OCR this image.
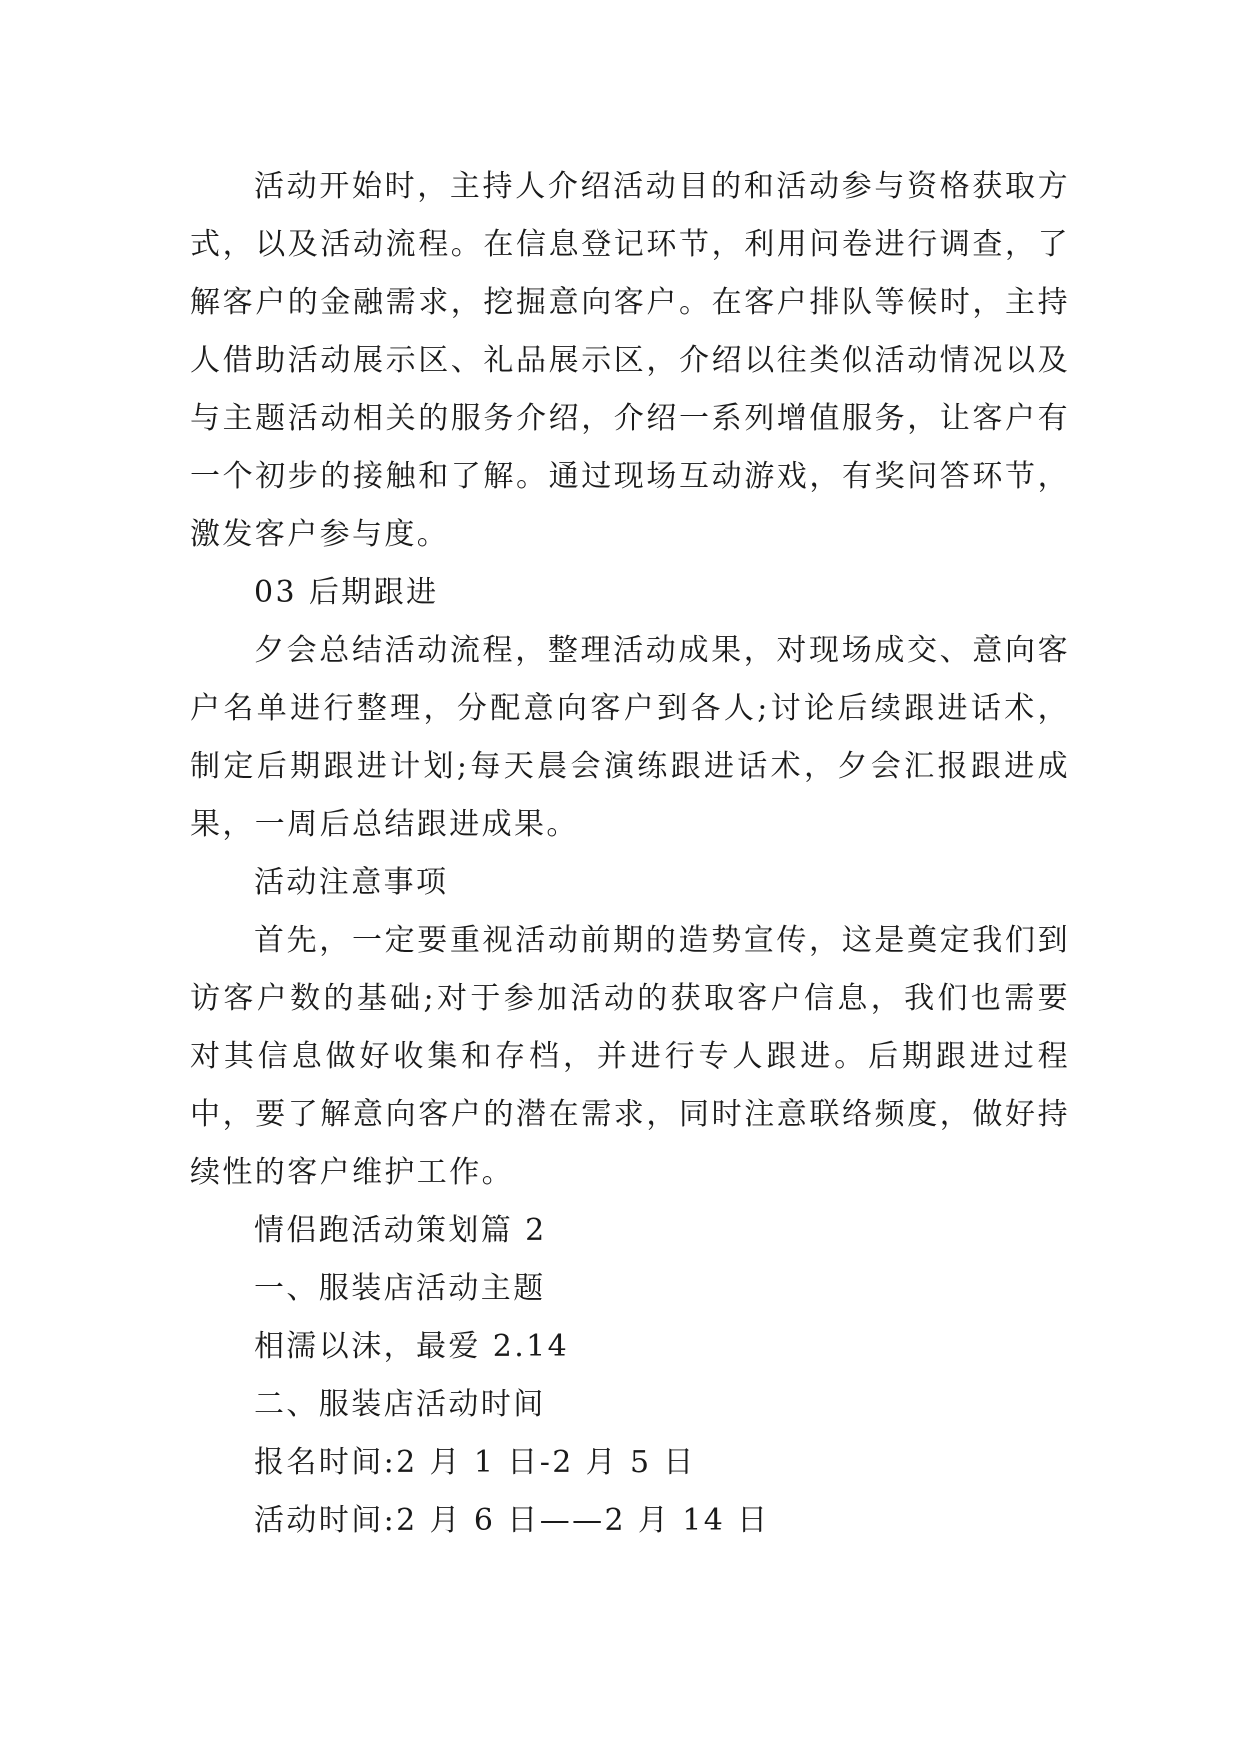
活动开始时，主持人介绍活动目的和活动参与资格获取方式，以及活动流程。在信息登记环节，利用问卷进行调查，了解客户的金融需求，挖掘意向客户。在客户排队等候时，主持人借助活动展示区、礼品展示区，介绍以往类似活动情况以及与主题活动相关的服务介绍，介绍一系列增值服务，让客户有一个初步的接触和了解。通过现场互动游戏，有奖问答环节，激发客户参与度。

03 后期跟进

夕会总结活动流程，整理活动成果，对现场成交、意向客户名单进行整理，分配意向客户到各人;讨论后续跟进话术，制定后期跟进计划;每天晨会演练跟进话术，夕会汇报跟进成果，一周后总结跟进成果。

活动注意事项

首先，一定要重视活动前期的造势宣传，这是奠定我们到访客户数的基础;对于参加活动的获取客户信息，我们也需要对其信息做好收集和存档，并进行专人跟进。后期跟进过程中，要了解意向客户的潜在需求，同时注意联络频度，做好持续性的客户维护工作。

情侣跑活动策划篇 2

一、服装店活动主题

相濡以沫，最爱 2.14

二、服装店活动时间

报名时间:2 月 1 日-2 月 5 日

活动时间:2 月 6 日——2 月 14 日
